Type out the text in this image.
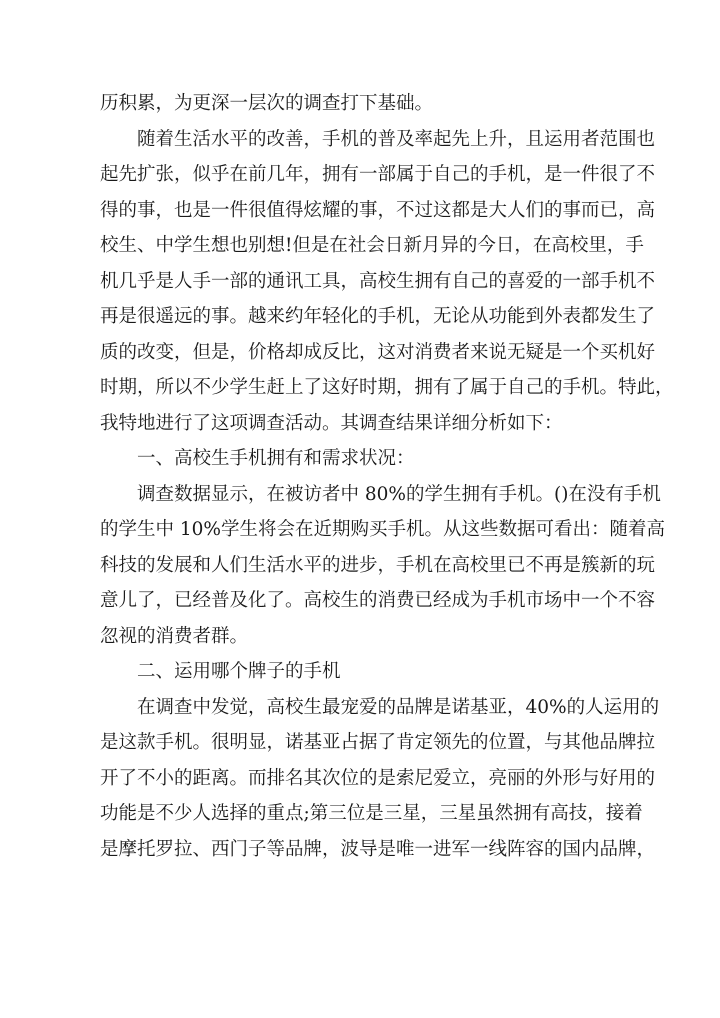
历积累，为更深一层次的调查打下基础。
随着生活水平的改善，手机的普及率起先上升，且运用者范围也
起先扩张，似乎在前几年，拥有一部属于自己的手机，是一件很了不
得的事，也是一件很值得炫耀的事，不过这都是大人们的事而已，高
校生、中学生想也别想!但是在社会日新月异的今日，在高校里，手
机几乎是人手一部的通讯工具，高校生拥有自己的喜爱的一部手机不
再是很遥远的事。越来约年轻化的手机，无论从功能到外表都发生了
质的改变，但是，价格却成反比，这对消费者来说无疑是一个买机好
时期，所以不少学生赶上了这好时期，拥有了属于自己的手机。特此，
我特地进行了这项调查活动。其调查结果详细分析如下：
一、高校生手机拥有和需求状况：
调查数据显示，在被访者中 80%的学生拥有手机。()在没有手机
的学生中 10%学生将会在近期购买手机。从这些数据可看出：随着高
科技的发展和人们生活水平的进步，手机在高校里已不再是簇新的玩
意儿了，已经普及化了。高校生的消费已经成为手机市场中一个不容
忽视的消费者群。
二、运用哪个牌子的手机
在调查中发觉，高校生最宠爱的品牌是诺基亚，40%的人运用的
是这款手机。很明显，诺基亚占据了肯定领先的位置，与其他品牌拉
开了不小的距离。而排名其次位的是索尼爱立，亮丽的外形与好用的
功能是不少人选择的重点;第三位是三星，三星虽然拥有高技，接着
是摩托罗拉、西门子等品牌，波导是唯一进军一线阵容的国内品牌，
